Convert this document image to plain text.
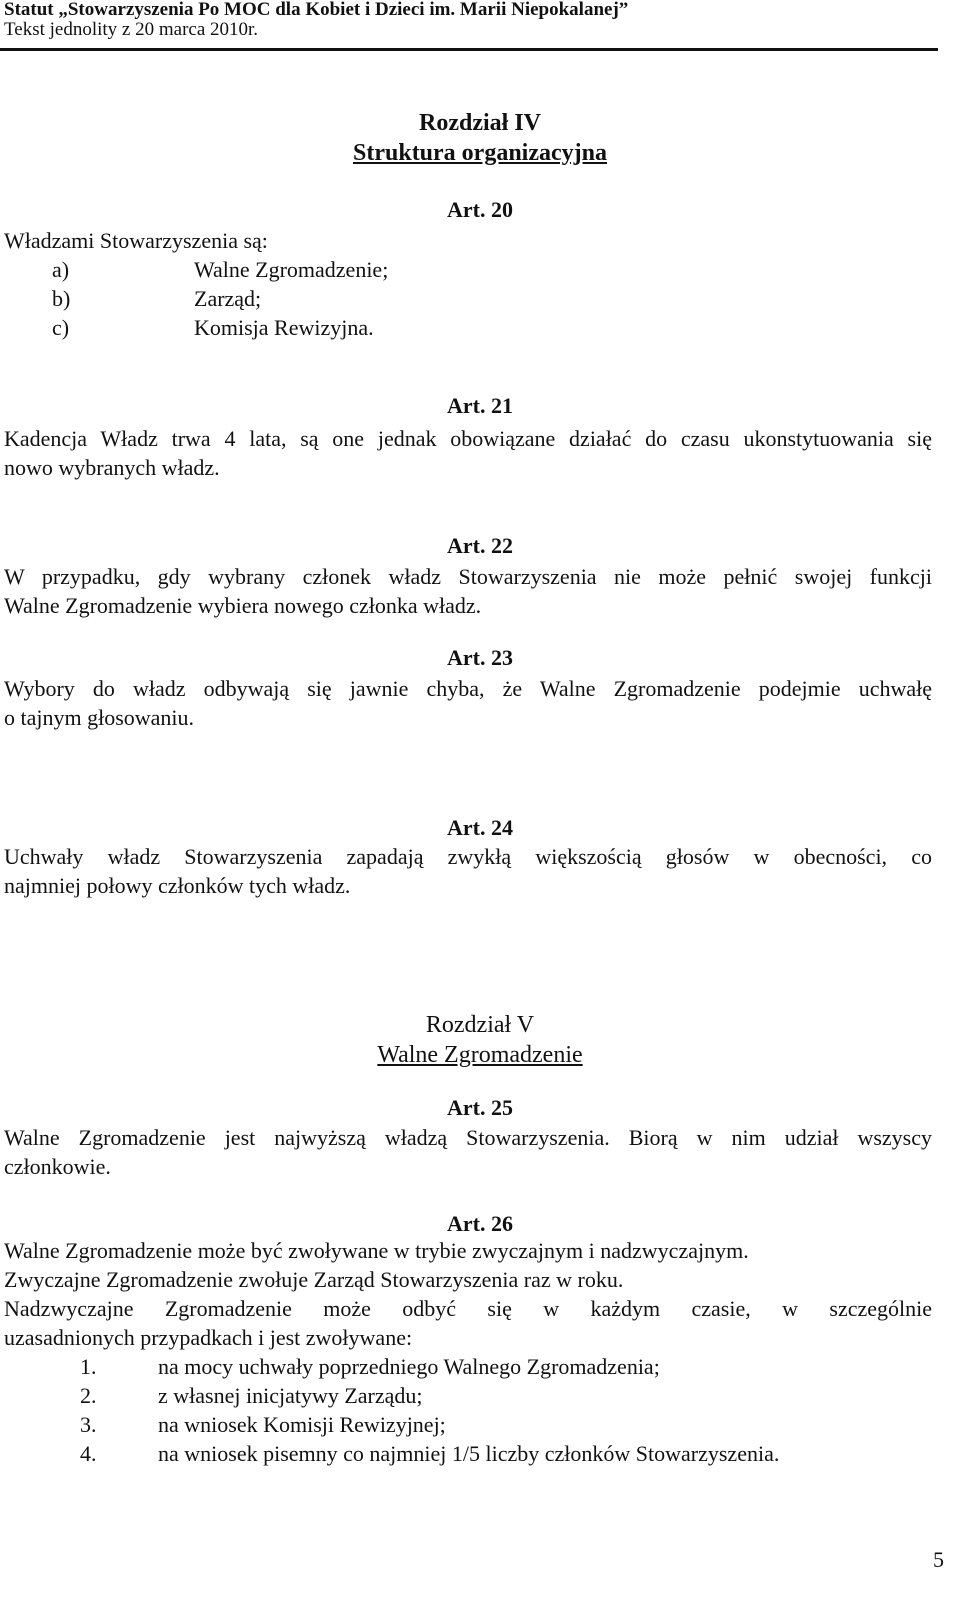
Statut „Stowarzyszenia Po MOC dla Kobiet i Dzieci im. Marii Niepokalanej”
Tekst jednolity z 20 marca 2010r.
Rozdział IV
Struktura organizacyjna
Art. 20
Władzami Stowarzyszenia są:
a)	Walne Zgromadzenie;
b)	Zarząd;
c)	Komisja Rewizyjna.
Art. 21
Kadencja Władz trwa 4 lata, są one jednak obowiązane działać do czasu ukonstytuowania się
nowo wybranych władz.
Art. 22
W przypadku, gdy wybrany członek władz Stowarzyszenia nie może pełnić swojej funkcji
Walne Zgromadzenie wybiera nowego członka władz.
Art. 23
Wybory do władz odbywają się jawnie chyba, że Walne Zgromadzenie podejmie uchwałę
o tajnym głosowaniu.
Art. 24
Uchwały władz Stowarzyszenia zapadają zwykłą większością głosów w obecności, co
najmniej połowy członków tych władz.
Rozdział V
Walne Zgromadzenie
Art. 25
Walne Zgromadzenie jest najwyższą władzą Stowarzyszenia. Biorą w nim udział wszyscy
członkowie.
Art. 26
Walne Zgromadzenie może być zwoływane w trybie zwyczajnym i nadzwyczajnym.
Zwyczajne Zgromadzenie zwołuje Zarząd Stowarzyszenia raz w roku.
Nadzwyczajne Zgromadzenie może odbyć się w każdym czasie, w szczególnie
uzasadnionych przypadkach i jest zwoływane:
1.	na mocy uchwały poprzedniego Walnego Zgromadzenia;
2.	z własnej inicjatywy Zarządu;
3.	na wniosek Komisji Rewizyjnej;
4.	na wniosek pisemny co najmniej 1/5 liczby członków Stowarzyszenia.
5
